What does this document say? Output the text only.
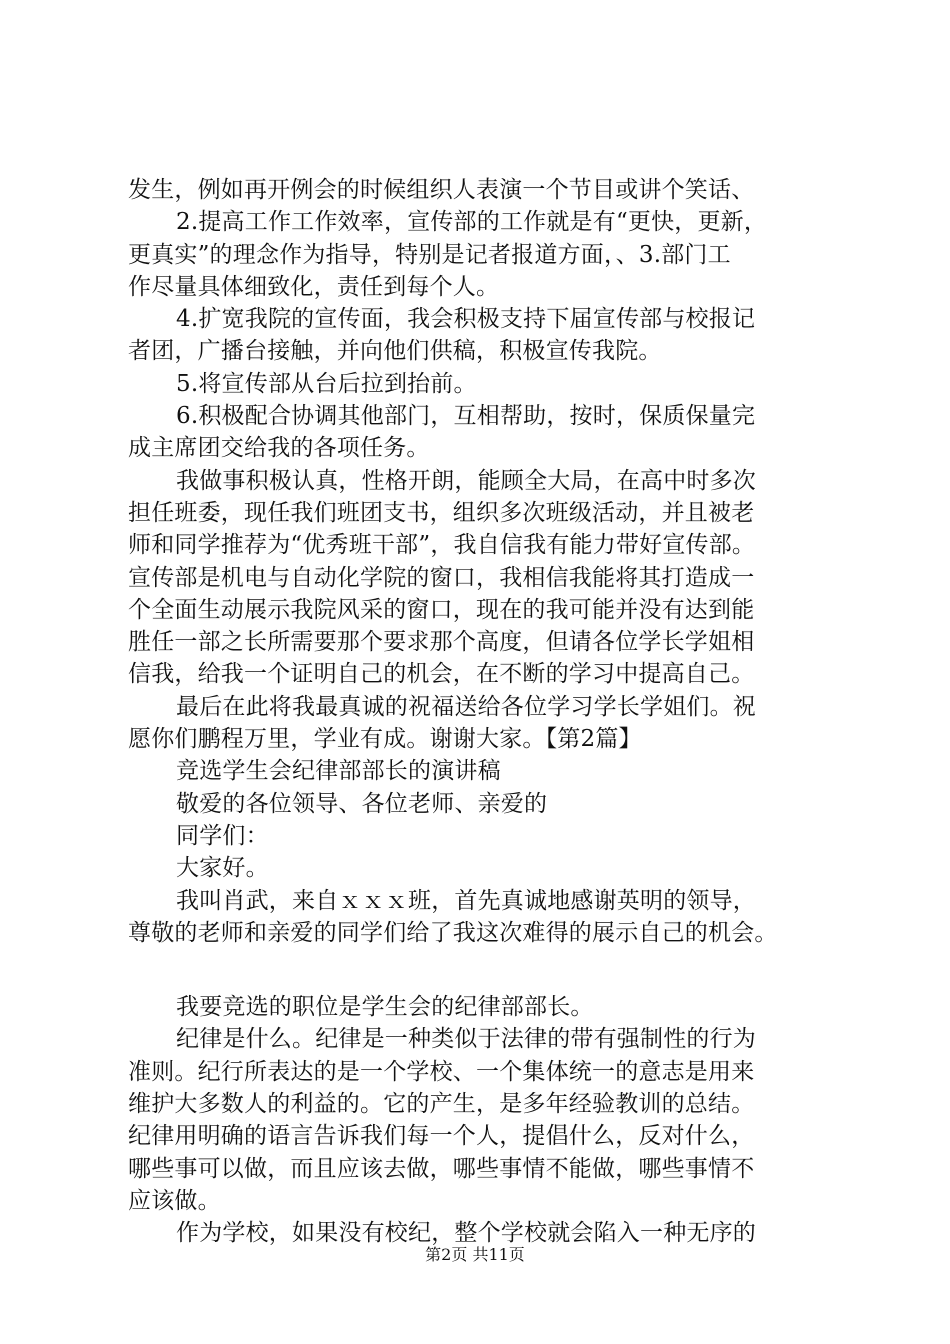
发生，例如再开例会的时候组织人表演一个节目或讲个笑话、
2.提高工作工作效率，宣传部的工作就是有“更快，更新，
更真实”的理念作为指导，特别是记者报道方面，、3.部门工
作尽量具体细致化，责任到每个人。
4.扩宽我院的宣传面，我会积极支持下届宣传部与校报记
者团，广播台接触，并向他们供稿，积极宣传我院。
5.将宣传部从台后拉到抬前。
6.积极配合协调其他部门，互相帮助，按时，保质保量完
成主席团交给我的各项任务。
我做事积极认真，性格开朗，能顾全大局，在高中时多次
担任班委，现任我们班团支书，组织多次班级活动，并且被老
师和同学推荐为“优秀班干部”，我自信我有能力带好宣传部。
宣传部是机电与自动化学院的窗口，我相信我能将其打造成一
个全面生动展示我院风采的窗口，现在的我可能并没有达到能
胜任一部之长所需要那个要求那个高度，但请各位学长学姐相
信我，给我一个证明自己的机会，在不断的学习中提高自己。
最后在此将我最真诚的祝福送给各位学习学长学姐们。祝
愿你们鹏程万里，学业有成。谢谢大家。【第2篇】
竞选学生会纪律部部长的演讲稿
敬爱的各位领导、各位老师、亲爱的
同学们：
大家好。
我叫肖武，来自ｘｘｘ班，首先真诚地感谢英明的领导，
尊敬的老师和亲爱的同学们给了我这次难得的展示自己的机会。
我要竞选的职位是学生会的纪律部部长。
纪律是什么。纪律是一种类似于法律的带有强制性的行为
准则。纪行所表达的是一个学校、一个集体统一的意志是用来
维护大多数人的利益的。它的产生，是多年经验教训的总结。
纪律用明确的语言告诉我们每一个人，提倡什么，反对什么，
哪些事可以做，而且应该去做，哪些事情不能做，哪些事情不
应该做。
作为学校，如果没有校纪，整个学校就会陷入一种无序的
第2页 共11页
